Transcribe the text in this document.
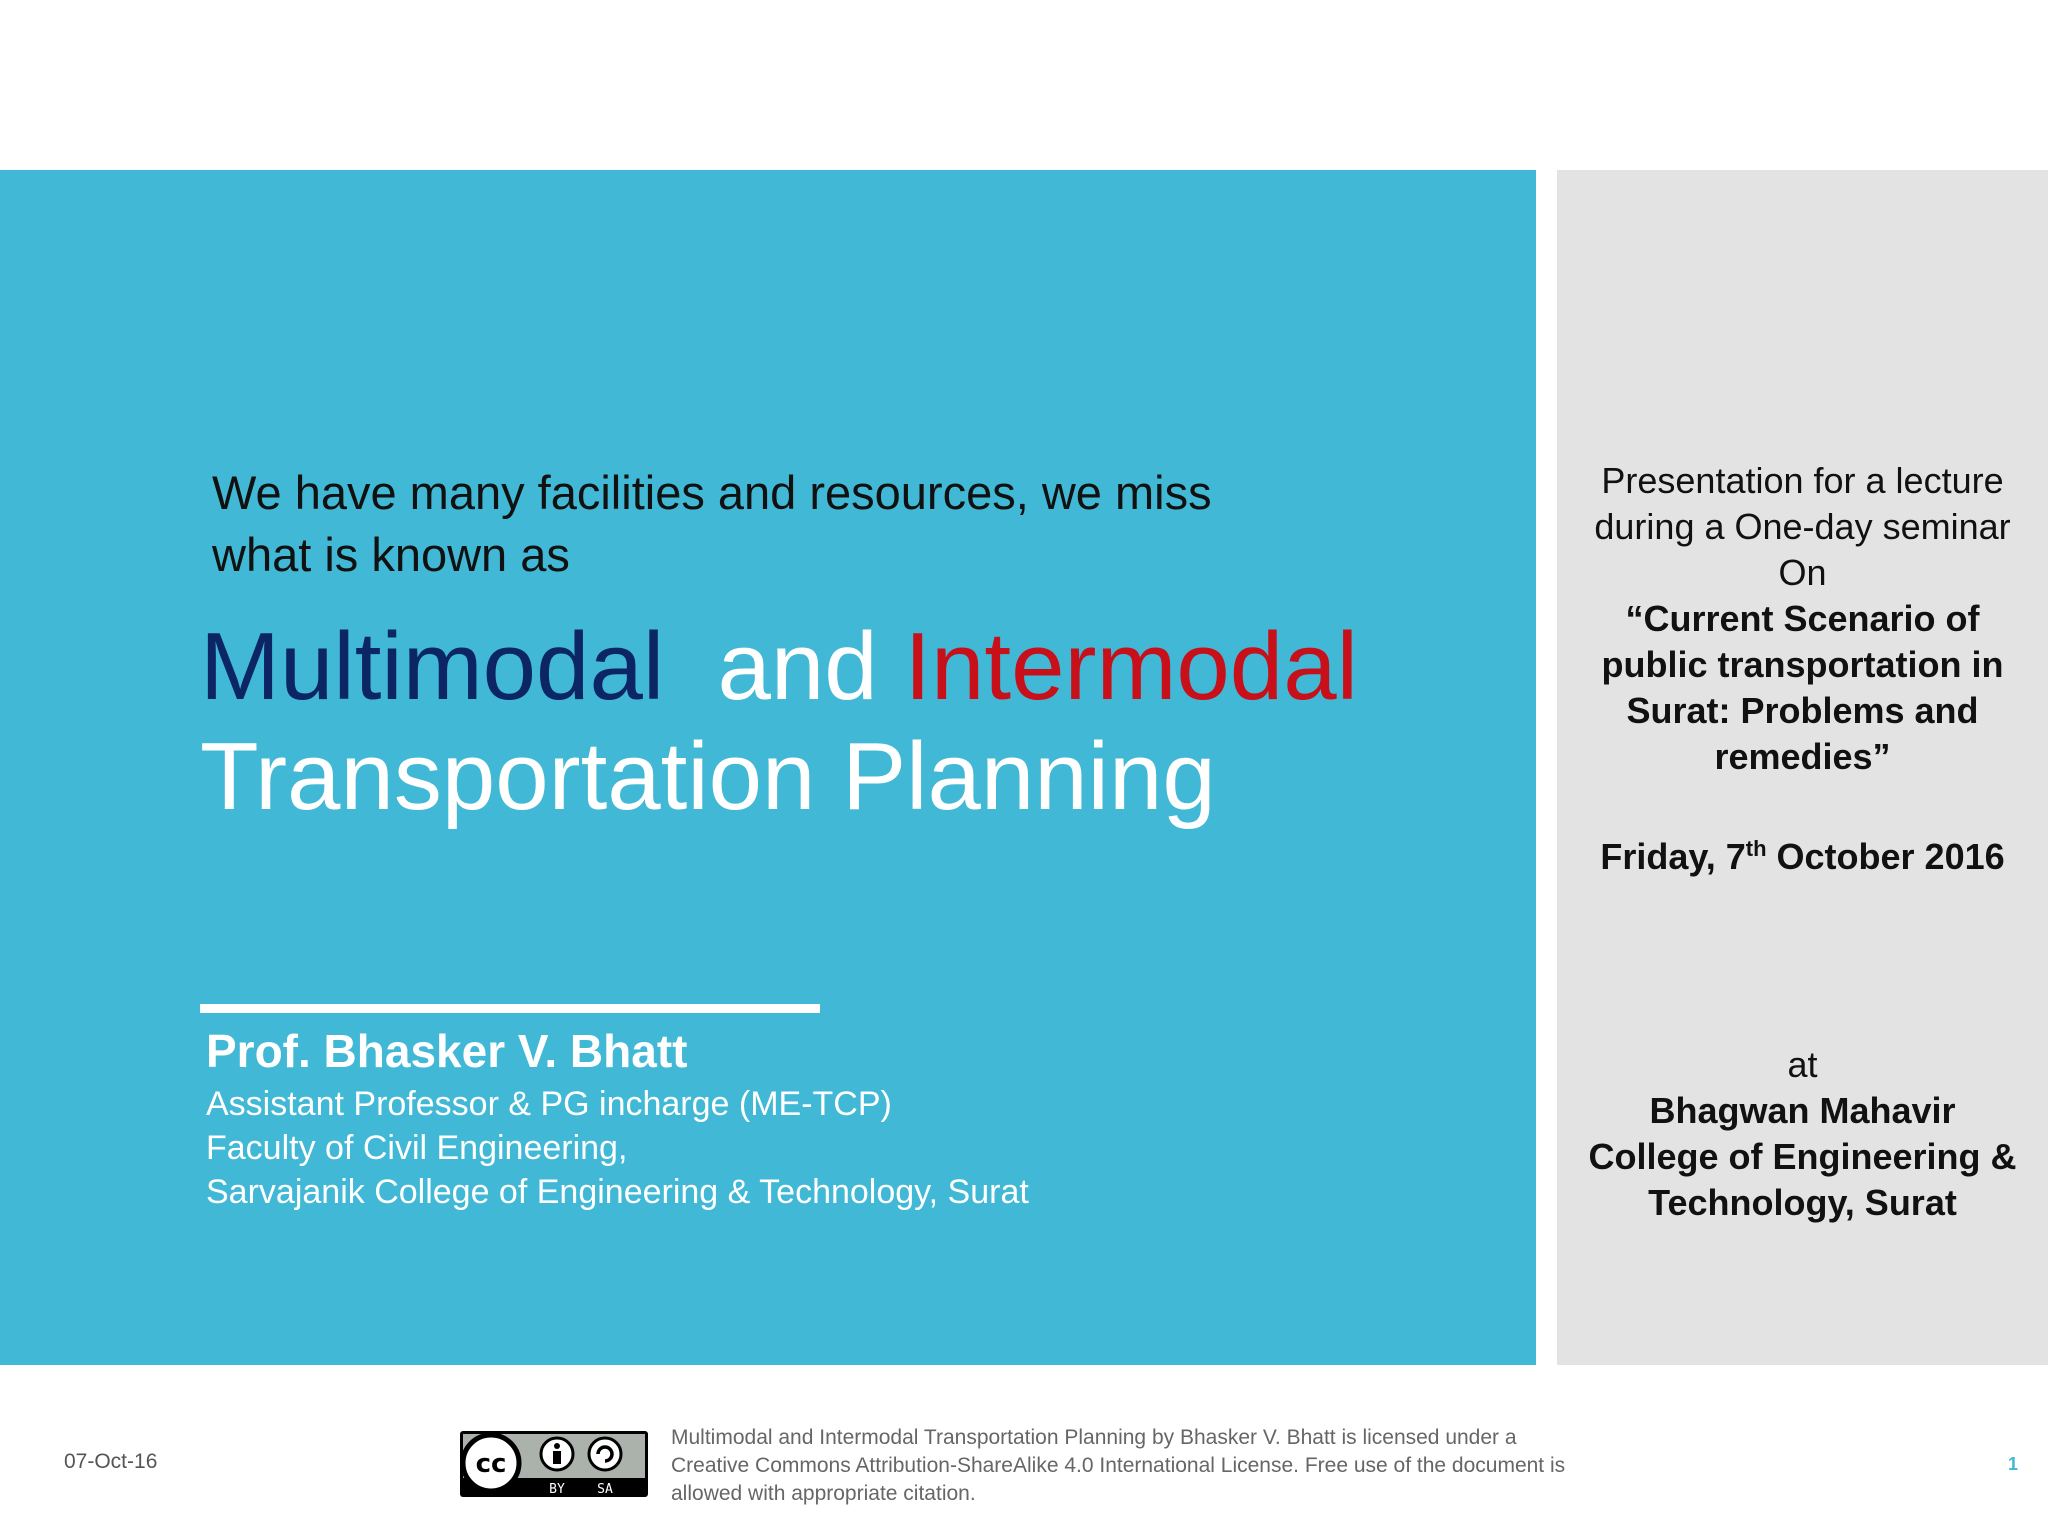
We have many facilities and resources, we miss
what is known as
Multimodal and Intermodal
Transportation Planning
Prof. Bhasker V. Bhatt
Assistant Professor & PG incharge (ME-TCP)
Faculty of Civil Engineering,
Sarvajanik College of Engineering & Technology, Surat
Presentation for a lecture
during a One-day seminar
On
“Current Scenario of
public transportation in
Surat: Problems and
remedies”
Friday, 7th October 2016
at
Bhagwan Mahavir
College of Engineering &
Technology, Surat
07-Oct-16	cc
BY SA
Multimodal and Intermodal Transportation Planning by Bhasker V. Bhatt is licensed under a
Creative Commons Attribution-ShareAlike 4.0 International License. Free use of the document is
allowed with appropriate citation.
1
